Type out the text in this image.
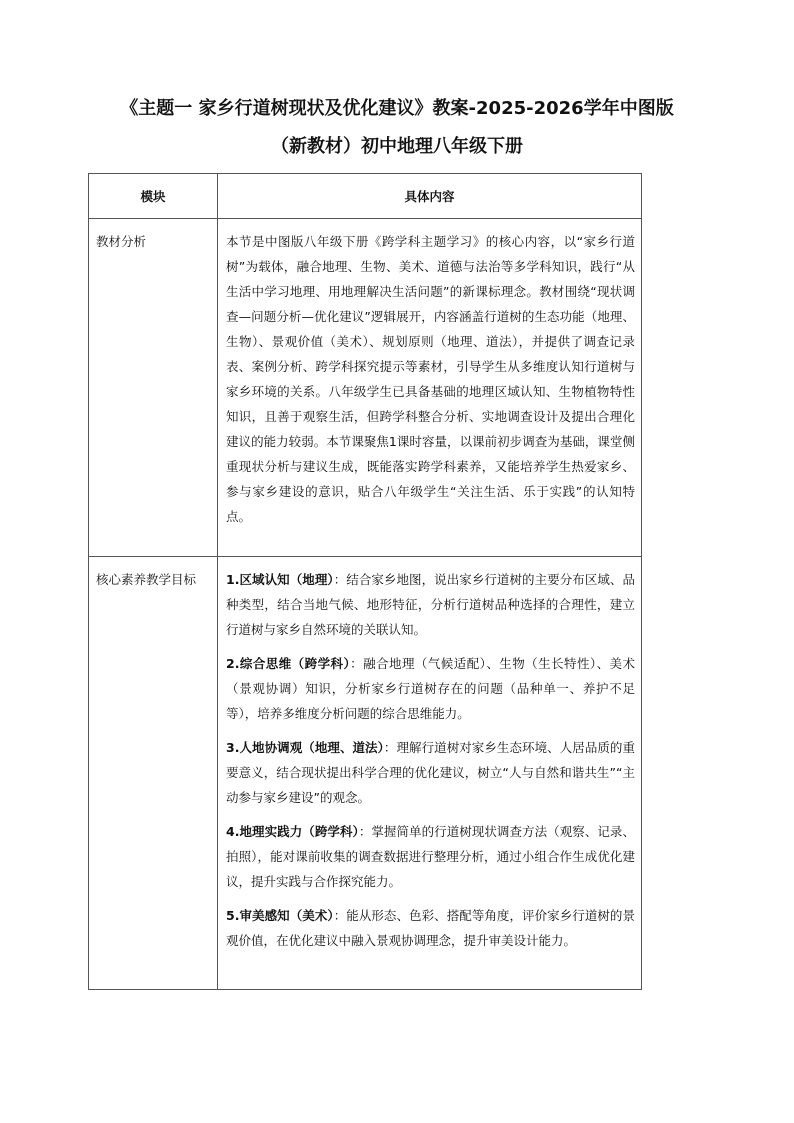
《主题一 家乡行道树现状及优化建议》教案-2025-2026学年中图版
（新教材）初中地理八年级下册
模块	具体内容
教材分析	本节是中图版八年级下册《跨学科主题学习》的核心内容，以“家乡行道树”为载体，融合地理、生物、美术、道德与法治等多学科知识，践行“从生活中学习地理、用地理解决生活问题”的新课标理念。教材围绕“现状调查—问题分析—优化建议”逻辑展开，内容涵盖行道树的生态功能（地理、生物）、景观价值（美术）、规划原则（地理、道法），并提供了调查记录表、案例分析、跨学科探究提示等素材，引导学生从多维度认知行道树与家乡环境的关系。八年级学生已具备基础的地理区域认知、生物植物特性知识，且善于观察生活，但跨学科整合分析、实地调查设计及提出合理化建议的能力较弱。本节课聚焦1课时容量，以课前初步调查为基础，课堂侧重现状分析与建议生成，既能落实跨学科素养，又能培养学生热爱家乡、参与家乡建设的意识，贴合八年级学生“关注生活、乐于实践”的认知特点。

核心素养教学目标	1.区域认知（地理）：结合家乡地图，说出家乡行道树的主要分布区域、品种类型，结合当地气候、地形特征，分析行道树品种选择的合理性，建立行道树与家乡自然环境的关联认知。

2.综合思维（跨学科）：融合地理（气候适配）、生物（生长特性）、美术（景观协调）知识，分析家乡行道树存在的问题（品种单一、养护不足等），培养多维度分析问题的综合思维能力。

3.人地协调观（地理、道法）：理解行道树对家乡生态环境、人居品质的重要意义，结合现状提出科学合理的优化建议，树立“人与自然和谐共生”“主动参与家乡建设”的观念。

4.地理实践力（跨学科）：掌握简单的行道树现状调查方法（观察、记录、拍照），能对课前收集的调查数据进行整理分析，通过小组合作生成优化建议，提升实践与合作探究能力。

5.审美感知（美术）：能从形态、色彩、搭配等角度，评价家乡行道树的景观价值，在优化建议中融入景观协调理念，提升审美设计能力。
